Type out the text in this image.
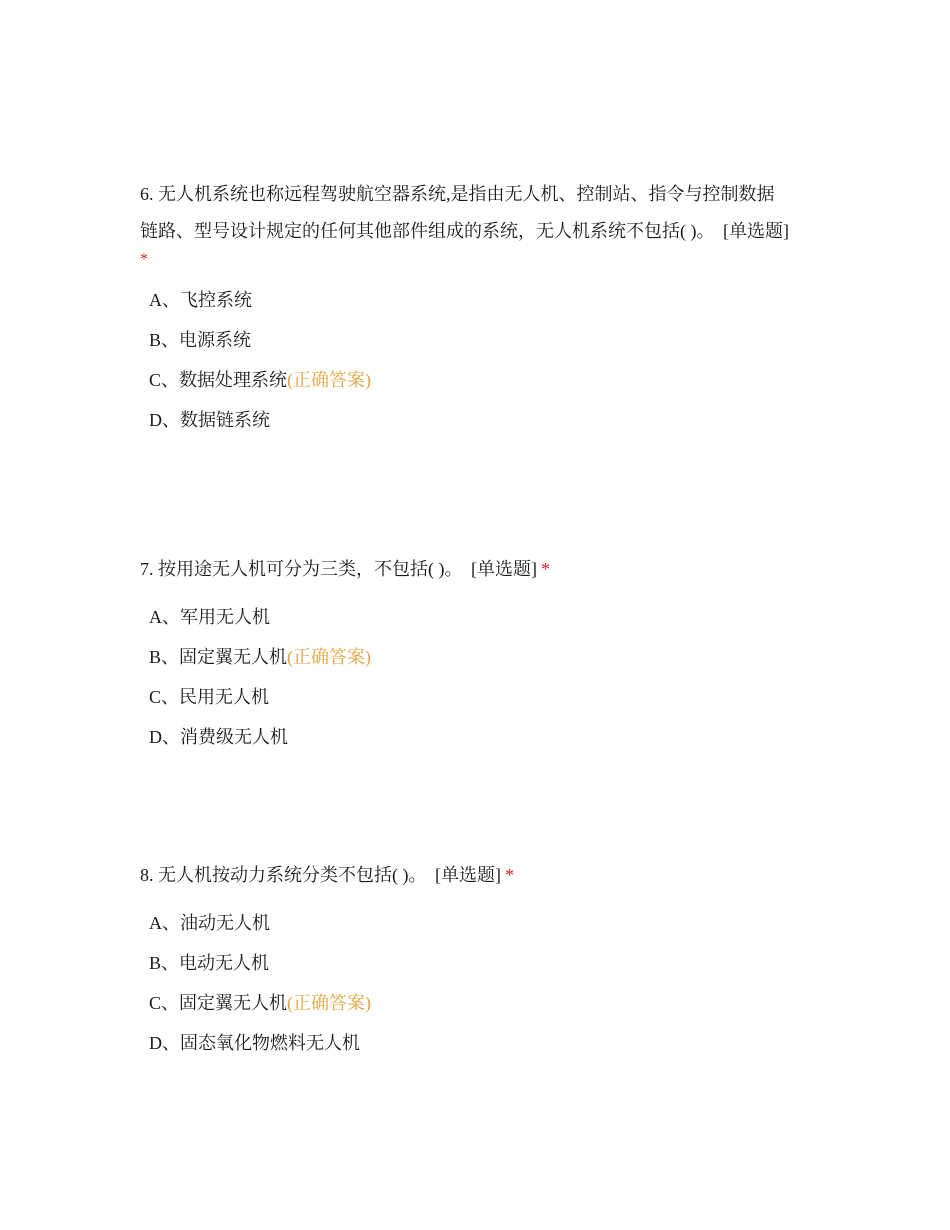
6. 无人机系统也称远程驾驶航空器系统,是指由无人机、控制站、指令与控制数据
链路、型号设计规定的任何其他部件组成的系统，无人机系统不包括( )。 [单选题]

*
A、飞控系统
B、电源系统
C、数据处理系统(正确答案)
D、数据链系统

7. 按用途无人机可分为三类，不包括( )。 [单选题] *

A、军用无人机
B、固定翼无人机(正确答案)
C、民用无人机
D、消费级无人机

8. 无人机按动力系统分类不包括( )。 [单选题] *

A、油动无人机
B、电动无人机
C、固定翼无人机(正确答案)
D、固态氧化物燃料无人机
